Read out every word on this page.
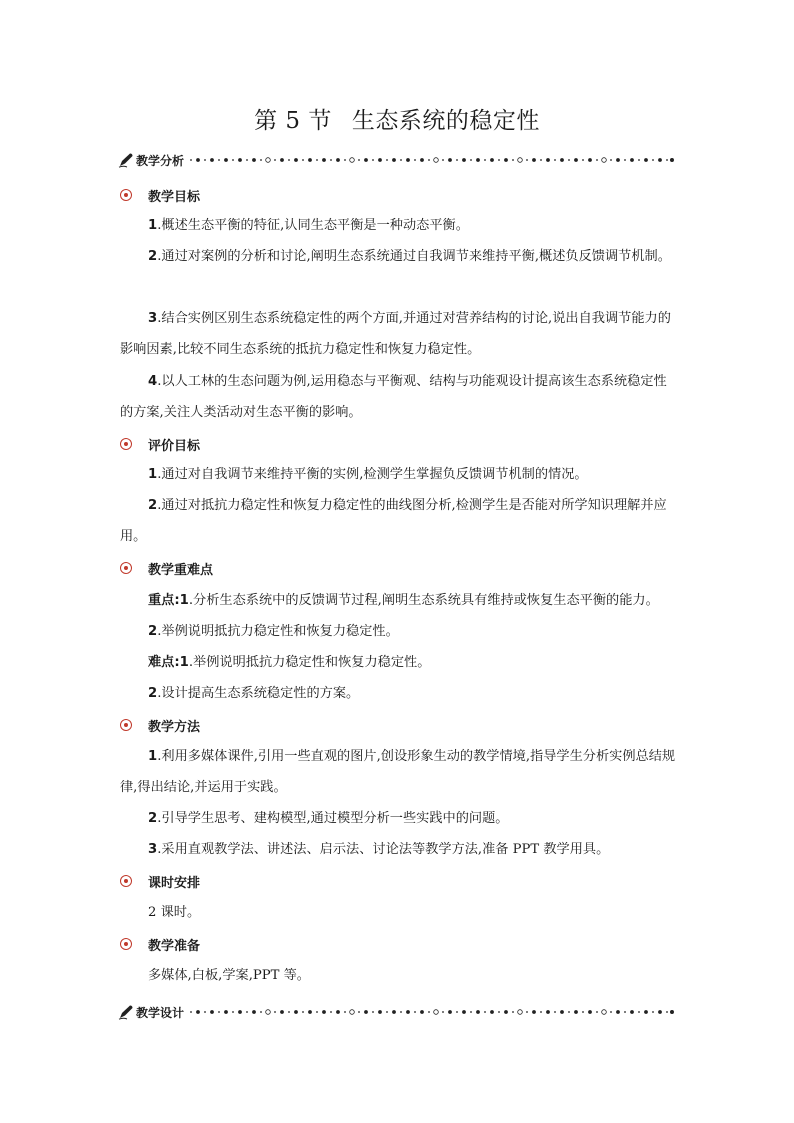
第 5 节 生态系统的稳定性
教学分析
教学目标
1.概述生态平衡的特征,认同生态平衡是一种动态平衡。
2.通过对案例的分析和讨论,阐明生态系统通过自我调节来维持平衡,概述负反馈调节机制。
3.结合实例区别生态系统稳定性的两个方面,并通过对营养结构的讨论,说出自我调节能力的影响因素,比较不同生态系统的抵抗力稳定性和恢复力稳定性。
4.以人工林的生态问题为例,运用稳态与平衡观、结构与功能观设计提高该生态系统稳定性的方案,关注人类活动对生态平衡的影响。
评价目标
1.通过对自我调节来维持平衡的实例,检测学生掌握负反馈调节机制的情况。
2.通过对抵抗力稳定性和恢复力稳定性的曲线图分析,检测学生是否能对所学知识理解并应用。
教学重难点
重点:1.分析生态系统中的反馈调节过程,阐明生态系统具有维持或恢复生态平衡的能力。
2.举例说明抵抗力稳定性和恢复力稳定性。
难点:1.举例说明抵抗力稳定性和恢复力稳定性。
2.设计提高生态系统稳定性的方案。
教学方法
1.利用多媒体课件,引用一些直观的图片,创设形象生动的教学情境,指导学生分析实例总结规律,得出结论,并运用于实践。
2.引导学生思考、建构模型,通过模型分析一些实践中的问题。
3.采用直观教学法、讲述法、启示法、讨论法等教学方法,准备 PPT 教学用具。
课时安排
2 课时。
教学准备
多媒体,白板,学案,PPT 等。
教学设计
